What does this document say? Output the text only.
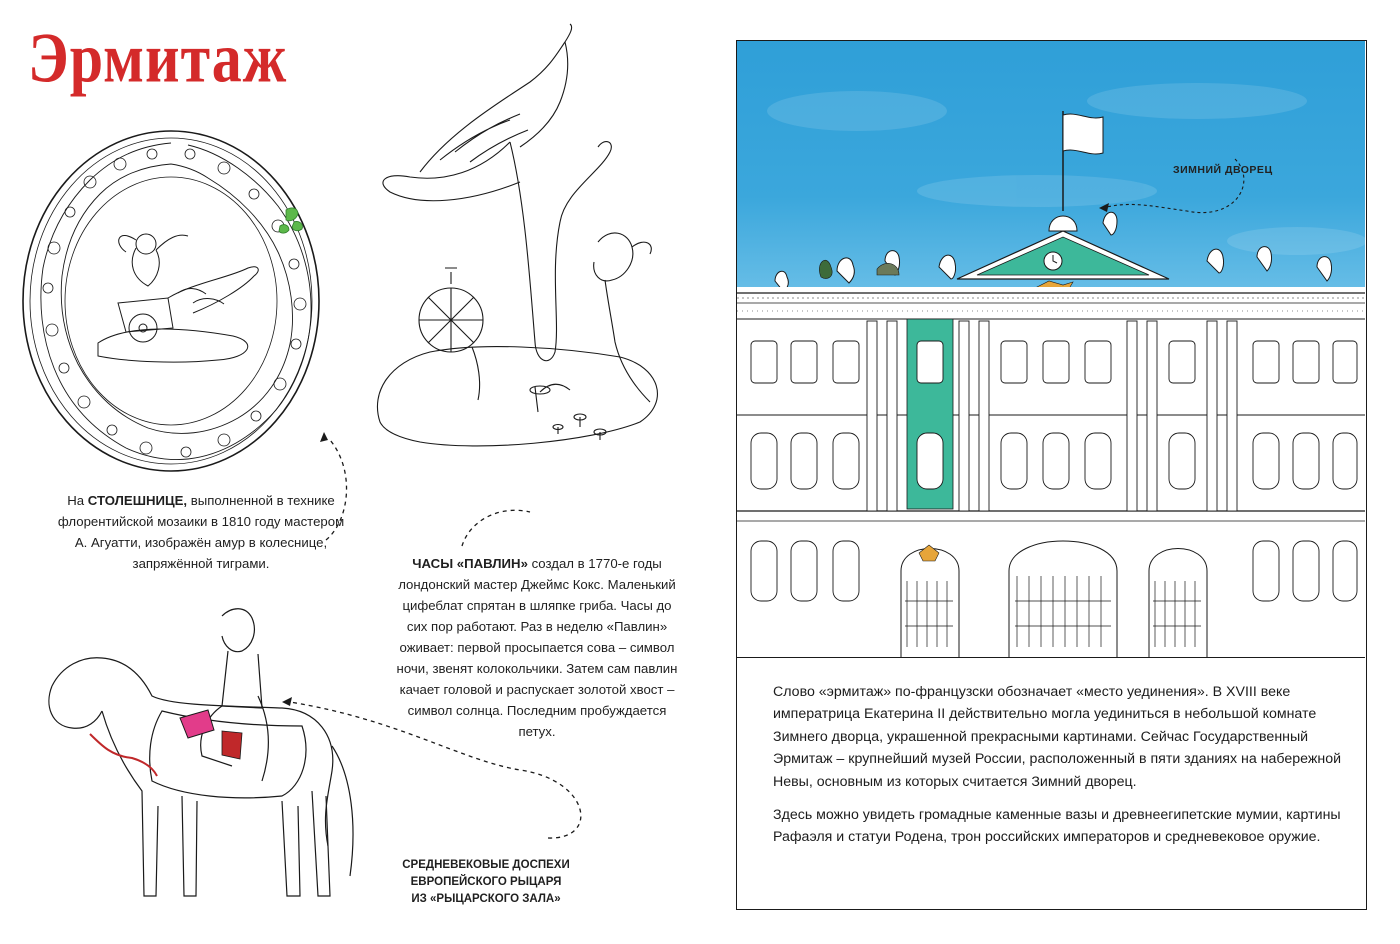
Эрмитаж
На СТОЛЕШНИЦЕ, выполненной в технике флорентийской мозаики в 1810 году мастером А. Агуатти, изображён амур в колеснице, запряжённой тиграми.	ЧАСЫ «ПАВЛИН» создал в 1770-е годы лондонский мастер Джеймс Кокс. Маленький цифеблат спрятан в шляпке гриба. Часы до сих пор работают. Раз в неделю «Павлин» оживает: первой просыпается сова – символ ночи, звенят колокольчики. Затем сам павлин качает головой и распускает золотой хвост – символ солнца. Последним пробуждается петух.
СРЕДНЕВЕКОВЫЕ ДОСПЕХИ
ЕВРОПЕЙСКОГО РЫЦАРЯ
ИЗ «РЫЦАРСКОГО ЗАЛА»
ЗИМНИЙ ДВОРЕЦ

Слово «эрмитаж» по-французски обозначает «место уединения». В XVIII веке императрица Екатерина II действительно могла уединиться в небольшой комнате Зимнего дворца, украшенной прекрасными картинами. Сейчас Государственный Эрмитаж – крупнейший музей России, расположенный в пяти зданиях на набережной Невы, основным из которых считается Зимний дворец.

Здесь можно увидеть громадные каменные вазы и древнеегипетские мумии, картины Рафаэля и статуи Родена, трон российских императоров и средневековое оружие.
